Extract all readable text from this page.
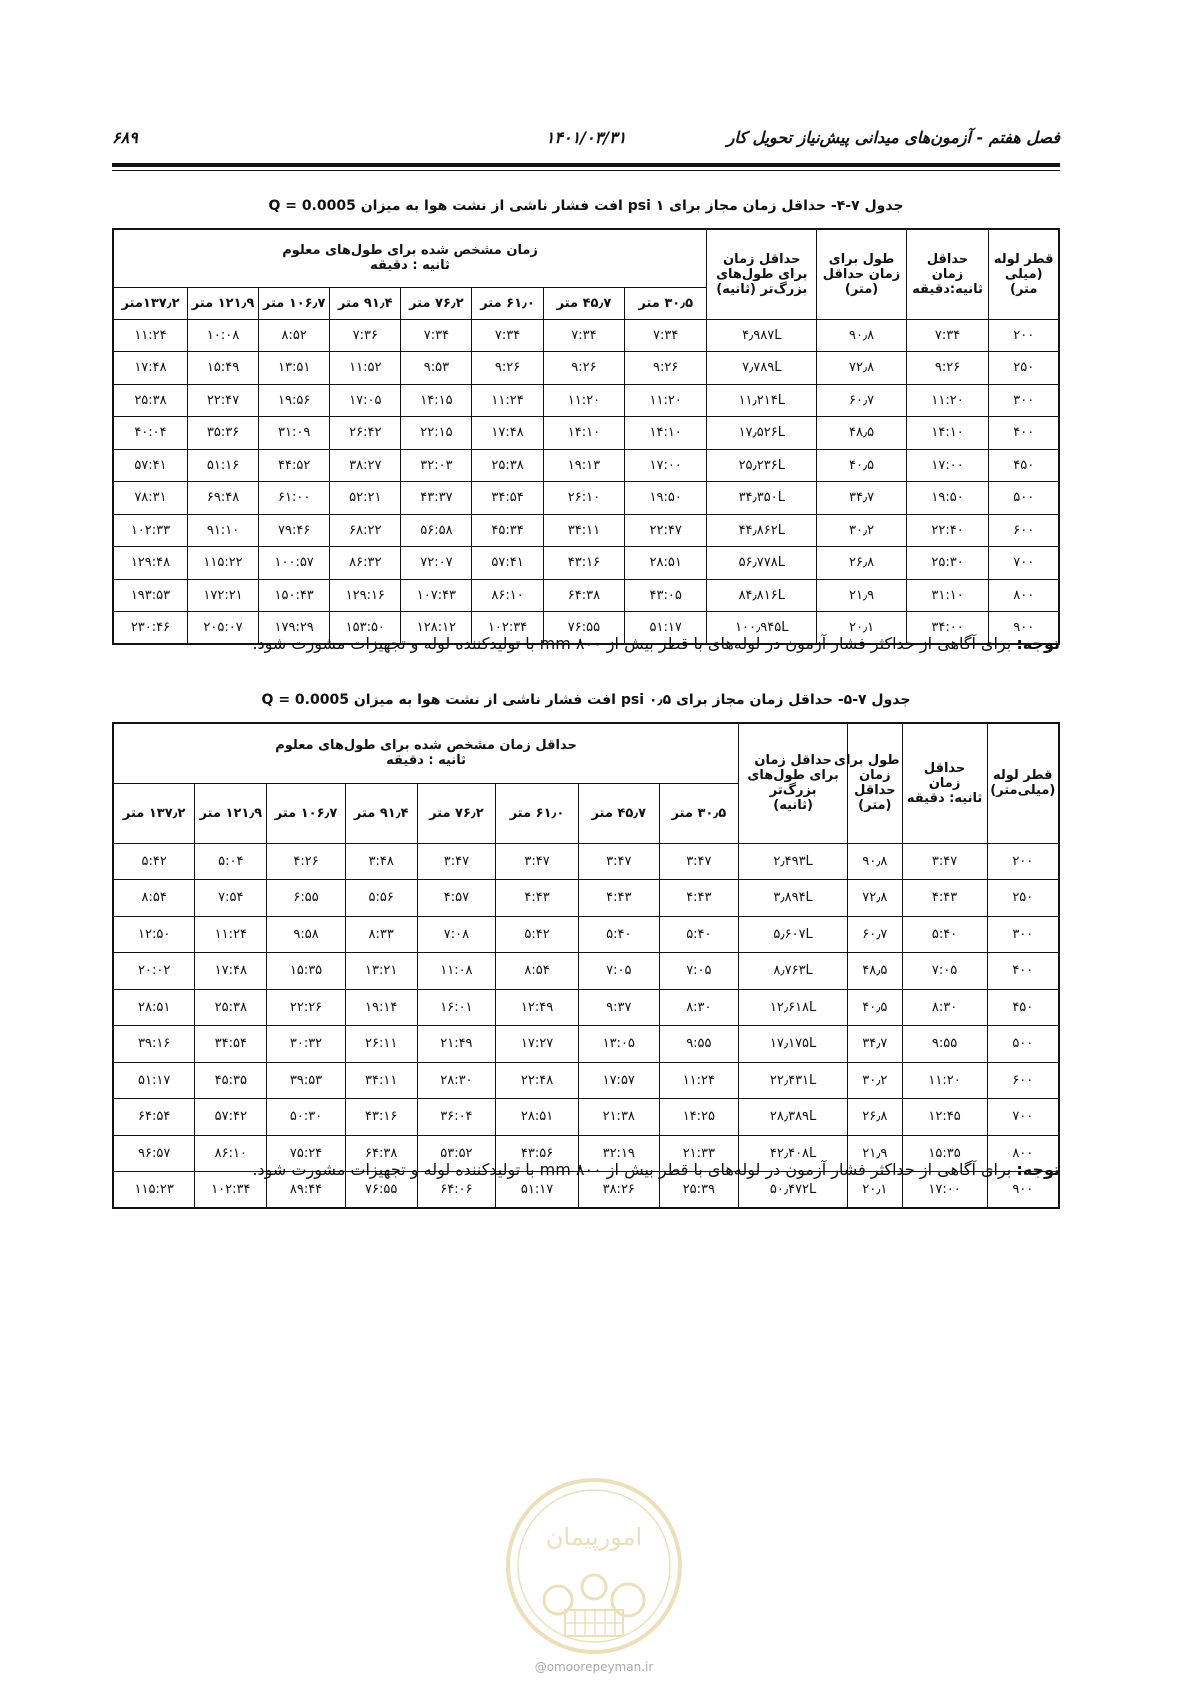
فصل هفتم - آزمون‌های میدانی پیش‌نیاز تحویل کار
۱۴۰۱/۰۳/۳۱
۶۸۹
جدول ۷-۴- حداقل زمان مجاز برای psi ۱ افت فشار ناشی از نشت هوا به میزان Q = 0.0005
قطر لوله
(میلی
متر)	حداقل
زمان
ثانیه:دقیقه	طول برای
زمان حداقل
(متر)	حداقل زمان
برای طول‌های
بزرگ‌تر (ثانیه)	زمان مشخص شده برای طول‌های معلوم
ثانیه : دقیقه							

				۳۰٫۵ متر	۴۵٫۷ متر	۶۱٫۰ متر	۷۶٫۲ متر	۹۱٫۴ متر	۱۰۶٫۷ متر	۱۲۱٫۹ متر	۱۳۷٫۲متر
۲۰۰	۷:۳۴	۹۰٫۸	۴٫۹۸۷L	۷:۳۴	۷:۳۴	۷:۳۴	۷:۳۴	۷:۳۶	۸:۵۲	۱۰:۰۸	۱۱:۲۴
۲۵۰	۹:۲۶	۷۲٫۸	۷٫۷۸۹L	۹:۲۶	۹:۲۶	۹:۲۶	۹:۵۳	۱۱:۵۲	۱۳:۵۱	۱۵:۴۹	۱۷:۴۸
۳۰۰	۱۱:۲۰	۶۰٫۷	۱۱٫۲۱۴L	۱۱:۲۰	۱۱:۲۰	۱۱:۲۴	۱۴:۱۵	۱۷:۰۵	۱۹:۵۶	۲۲:۴۷	۲۵:۳۸
۴۰۰	۱۴:۱۰	۴۸٫۵	۱۷٫۵۲۶L	۱۴:۱۰	۱۴:۱۰	۱۷:۴۸	۲۲:۱۵	۲۶:۴۲	۳۱:۰۹	۳۵:۳۶	۴۰:۰۴
۴۵۰	۱۷:۰۰	۴۰٫۵	۲۵٫۲۳۶L	۱۷:۰۰	۱۹:۱۳	۲۵:۳۸	۳۲:۰۳	۳۸:۲۷	۴۴:۵۲	۵۱:۱۶	۵۷:۴۱
۵۰۰	۱۹:۵۰	۳۴٫۷	۳۴٫۳۵۰L	۱۹:۵۰	۲۶:۱۰	۳۴:۵۴	۴۳:۳۷	۵۲:۲۱	۶۱:۰۰	۶۹:۴۸	۷۸:۳۱
۶۰۰	۲۲:۴۰	۳۰٫۲	۴۴٫۸۶۲L	۲۲:۴۷	۳۴:۱۱	۴۵:۳۴	۵۶:۵۸	۶۸:۲۲	۷۹:۴۶	۹۱:۱۰	۱۰۲:۳۳
۷۰۰	۲۵:۳۰	۲۶٫۸	۵۶٫۷۷۸L	۲۸:۵۱	۴۳:۱۶	۵۷:۴۱	۷۲:۰۷	۸۶:۳۲	۱۰۰:۵۷	۱۱۵:۲۲	۱۲۹:۴۸
۸۰۰	۳۱:۱۰	۲۱٫۹	۸۴٫۸۱۶L	۴۳:۰۵	۶۴:۳۸	۸۶:۱۰	۱۰۷:۴۳	۱۲۹:۱۶	۱۵۰:۴۳	۱۷۲:۲۱	۱۹۳:۵۳
۹۰۰	۳۴:۰۰	۲۰٫۱	۱۰۰٫۹۴۵L	۵۱:۱۷	۷۶:۵۵	۱۰۲:۳۴	۱۲۸:۱۲	۱۵۳:۵۰	۱۷۹:۲۹	۲۰۵:۰۷	۲۳۰:۴۶
توجه: برای آگاهی از حداکثر فشار آزمون در لوله‌های با قطر بیش از mm ۸۰۰ با تولیدکننده لوله و تجهیزات مشورت شود.
جدول ۷-۵- حداقل زمان مجاز برای psi ۰٫۵ افت فشار ناشی از نشت هوا به میزان Q = 0.0005
قطر لوله
(میلی‌متر)	حداقل
زمان
ثانیه: دقیقه	طول برای
زمان
حداقل
(متر)	حداقل زمان
برای طول‌های
بزرگ‌تر
(ثانیه)	حداقل زمان مشخص شده برای طول‌های معلوم
ثانیه : دقیقه							

				۳۰٫۵ متر	۴۵٫۷ متر	۶۱٫۰ متر	۷۶٫۲ متر	۹۱٫۴ متر	۱۰۶٫۷ متر	۱۲۱٫۹ متر	۱۳۷٫۲ متر
۲۰۰	۳:۴۷	۹۰٫۸	۲٫۴۹۳L	۳:۴۷	۳:۴۷	۳:۴۷	۳:۴۷	۳:۴۸	۴:۲۶	۵:۰۴	۵:۴۲
۲۵۰	۴:۴۳	۷۲٫۸	۳٫۸۹۴L	۴:۴۳	۴:۴۳	۴:۴۳	۴:۵۷	۵:۵۶	۶:۵۵	۷:۵۴	۸:۵۴
۳۰۰	۵:۴۰	۶۰٫۷	۵٫۶۰۷L	۵:۴۰	۵:۴۰	۵:۴۲	۷:۰۸	۸:۳۳	۹:۵۸	۱۱:۲۴	۱۲:۵۰
۴۰۰	۷:۰۵	۴۸٫۵	۸٫۷۶۳L	۷:۰۵	۷:۰۵	۸:۵۴	۱۱:۰۸	۱۳:۲۱	۱۵:۳۵	۱۷:۴۸	۲۰:۰۲
۴۵۰	۸:۳۰	۴۰٫۵	۱۲٫۶۱۸L	۸:۳۰	۹:۳۷	۱۲:۴۹	۱۶:۰۱	۱۹:۱۴	۲۲:۲۶	۲۵:۳۸	۲۸:۵۱
۵۰۰	۹:۵۵	۳۴٫۷	۱۷٫۱۷۵L	۹:۵۵	۱۳:۰۵	۱۷:۲۷	۲۱:۴۹	۲۶:۱۱	۳۰:۳۲	۳۴:۵۴	۳۹:۱۶
۶۰۰	۱۱:۲۰	۳۰٫۲	۲۲٫۴۳۱L	۱۱:۲۴	۱۷:۵۷	۲۲:۴۸	۲۸:۳۰	۳۴:۱۱	۳۹:۵۳	۴۵:۳۵	۵۱:۱۷
۷۰۰	۱۲:۴۵	۲۶٫۸	۲۸٫۳۸۹L	۱۴:۲۵	۲۱:۳۸	۲۸:۵۱	۳۶:۰۴	۴۳:۱۶	۵۰:۳۰	۵۷:۴۲	۶۴:۵۴
۸۰۰	۱۵:۳۵	۲۱٫۹	۴۲٫۴۰۸L	۲۱:۳۳	۳۲:۱۹	۴۳:۵۶	۵۳:۵۲	۶۴:۳۸	۷۵:۲۴	۸۶:۱۰	۹۶:۵۷
۹۰۰	۱۷:۰۰	۲۰٫۱	۵۰٫۴۷۲L	۲۵:۳۹	۳۸:۲۶	۵۱:۱۷	۶۴:۰۶	۷۶:۵۵	۸۹:۴۴	۱۰۲:۳۴	۱۱۵:۲۳
توجه: برای آگاهی از حداکثر فشار آزمون در لوله‌های با قطر بیش از mm ۸۰۰ با تولیدکننده لوله و تجهیزات مشورت شود.
امورپیمان
@omoorepeyman.ir
